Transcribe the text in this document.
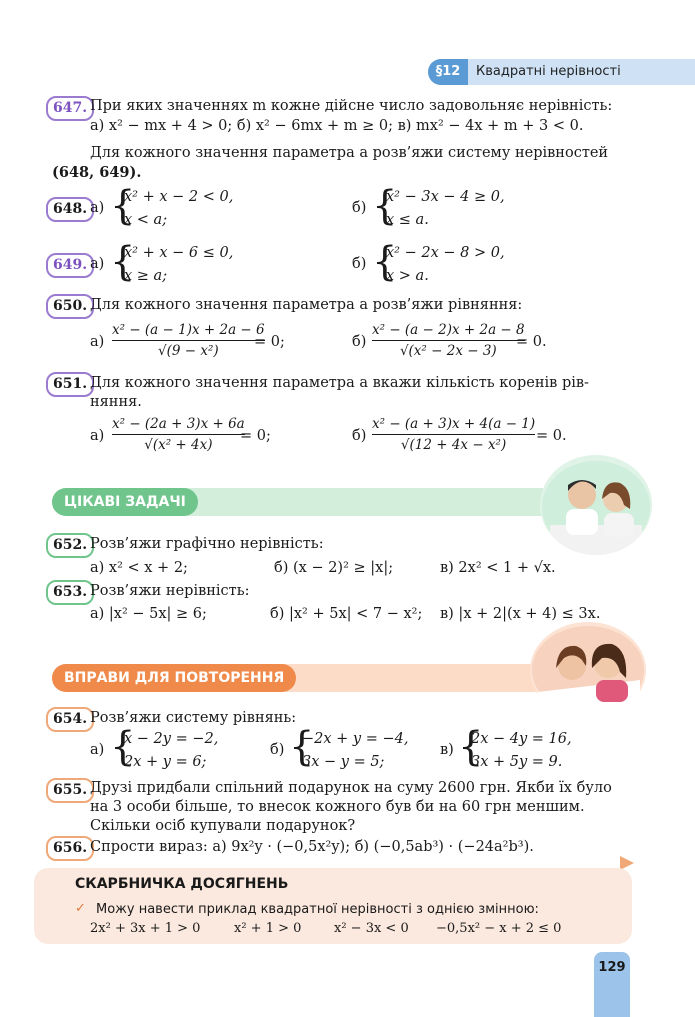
§12	Квадратні нерівності
647. При яких значеннях m кожне дійсне число задовольняє нерівність:
а) x² − mx + 4 > 0; б) x² − 6mx + m ≥ 0; в) mx² − 4x + m + 3 < 0.
Для кожного значення параметра a розв’яжи систему нерівностей
(648, 649).
648. а) {
x² + x − 2 < 0,
x < a;
б) {
x² − 3x − 4 ≥ 0,
x ≤ a.
649. а) {
x² + x − 6 ≤ 0,
x ≥ a;
б) {
x² − 2x − 8 > 0,
x > a.
650. Для кожного значення параметра a розв’яжи рівняння:
а)
x² − (a − 1)x + 2a − 6
√(9 − x²)
= 0;	б)
x² − (a − 2)x + 2a − 8
√(x² − 2x − 3)
= 0.
651. Для кожного значення параметра a вкажи кількість коренів рів-
няння.
а)
x² − (2a + 3)x + 6a
√(x² + 4x)
= 0;	б)
x² − (a + 3)x + 4(a − 1)
√(12 + 4x − x²)
= 0.
ЦІКАВІ ЗАДАЧІ
652. Розв’яжи графічно нерівність:
а) x² < x + 2;	б) (x − 2)² ≥ |x|;	в) 2x² < 1 + √x.
653. Розв’яжи нерівність:
а) |x² − 5x| ≥ 6;	б) |x² + 5x| < 7 − x²; в) |x + 2|(x + 4) ≤ 3x.
ВПРАВИ ДЛЯ ПОВТОРЕННЯ
654. Розв’яжи систему рівнянь:
а) {
x − 2y = −2,
2x + y = 6;
б) {
−2x + y = −4,
3x − y = 5;
в) {
2x − 4y = 16,
3x + 5y = 9.
655. Друзі придбали спільний подарунок на суму 2600 грн. Якби їх було
на 3 особи більше, то внесок кожного був би на 60 грн меншим.
Скільки осіб купували подарунок?
656. Спрости вираз: а) 9x²y · (−0,5x²y); б) (−0,5ab³) · (−24a²b³).
СКАРБНИЧКА ДОСЯГНЕНЬ
✓ Можу навести приклад квадратної нерівності з однією змінною:
2x² + 3x + 1 > 0	x² + 1 > 0	x² − 3x < 0 −0,5x² − x + 2 ≤ 0
129
